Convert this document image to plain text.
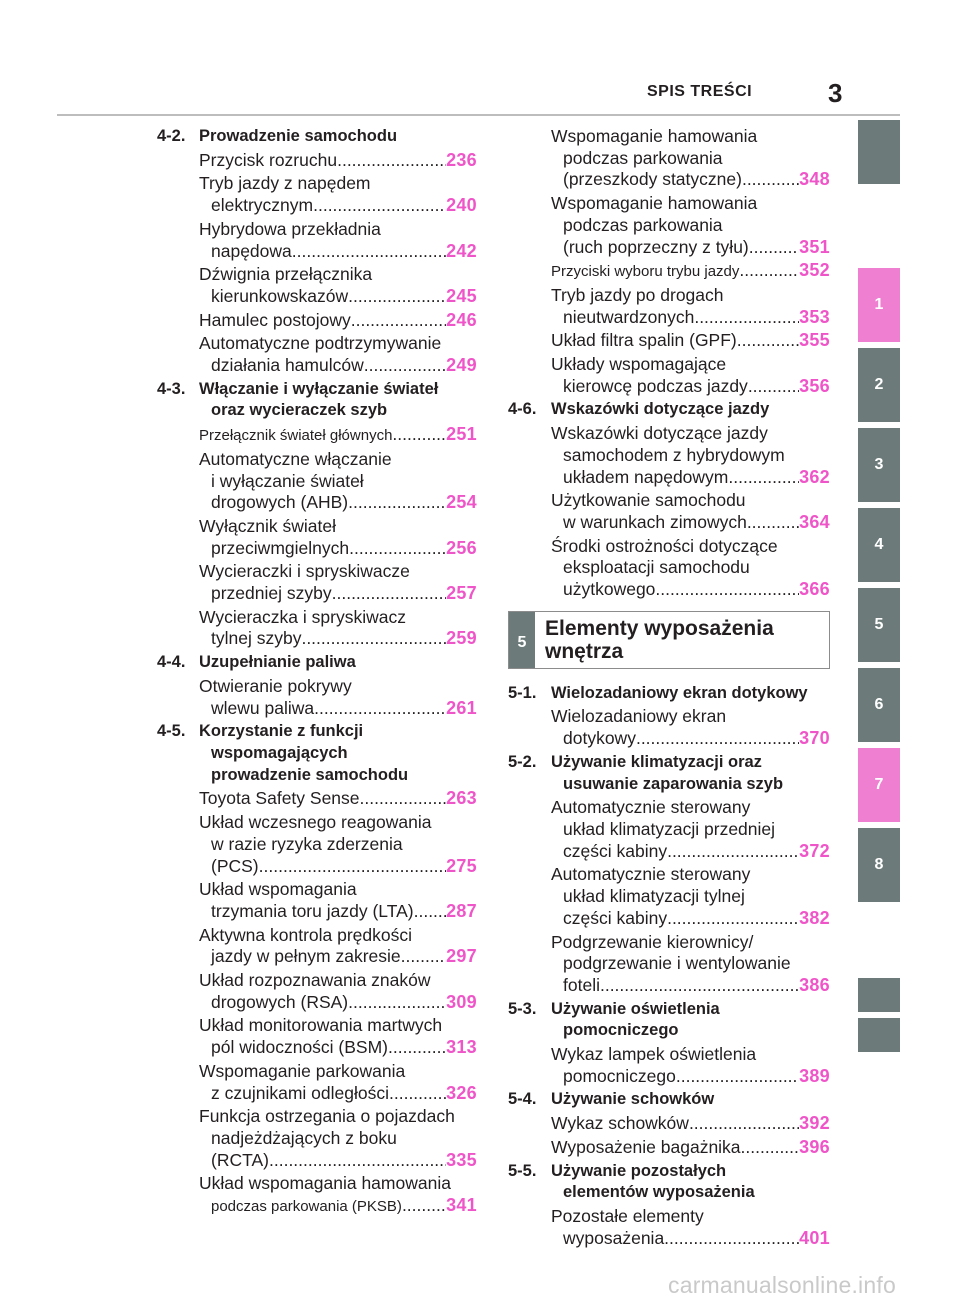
SPIS TREŚCI	3
1
2
3
4
5
6
7
8
4-2. Prowadzenie samochodu
Przycisk rozruchu .....	236
Tryb jazdy z napędem
elektrycznym .....	240
Hybrydowa przekładnia
napędowa .....	242
Dźwignia przełącznika
kierunkowskazów .....	245
Hamulec postojowy .....	246
Automatyczne podtrzymywanie
działania hamulców .....	249
4-3. Włączanie i wyłączanie świateł
oraz wycieraczek szyb
Przełącznik świateł głównych .....	251
Automatyczne włączanie
i wyłączanie świateł
drogowych (AHB) .....	254
Wyłącznik świateł
przeciwmgielnych .....	256
Wycieraczki i spryskiwacze
przedniej szyby .....	257
Wycieraczka i spryskiwacz
tylnej szyby .....	259
4-4. Uzupełnianie paliwa
Otwieranie pokrywy
wlewu paliwa .....	261
4-5. Korzystanie z funkcji
wspomagających
prowadzenie samochodu
Toyota Safety Sense .....	263
Układ wczesnego reagowania
w razie ryzyka zderzenia
(PCS) .....	275
Układ wspomagania
trzymania toru jazdy (LTA) ..... 287
Aktywna kontrola prędkości
jazdy w pełnym zakresie .....	297
Układ rozpoznawania znaków
drogowych (RSA) .....	309
Układ monitorowania martwych
pól widoczności (BSM) .....	313
Wspomaganie parkowania
z czujnikami odległości .....	326
Funkcja ostrzegania o pojazdach
nadjeżdżających z boku
(RCTA) .....	335
Układ wspomagania hamowania
podczas parkowania (PKSB) ..... 341
Wspomaganie hamowania
podczas parkowania
(przeszkody statyczne) .....	348
Wspomaganie hamowania
podczas parkowania
(ruch poprzeczny z tyłu) .....	351
Przyciski wyboru trybu jazdy .....	352
Tryb jazdy po drogach
nieutwardzonych .....	353
Układ filtra spalin (GPF) .....	355
Układy wspomagające
kierowcę podczas jazdy .....	356
4-6. Wskazówki dotyczące jazdy
Wskazówki dotyczące jazdy
samochodem z hybrydowym
układem napędowym .....	362
Użytkowanie samochodu
w warunkach zimowych .....	364
Środki ostrożności dotyczące
eksploatacji samochodu
użytkowego .....	366
5
Elementy wyposażenia
wnętrza
5-1. Wielozadaniowy ekran dotykowy
Wielozadaniowy ekran
dotykowy .....	370
5-2. Używanie klimatyzacji oraz
usuwanie zaparowania szyb
Automatycznie sterowany
układ klimatyzacji przedniej
części kabiny .....	372
Automatycznie sterowany
układ klimatyzacji tylnej
części kabiny .....	382
Podgrzewanie kierownicy/
podgrzewanie i wentylowanie
foteli .....	386
5-3. Używanie oświetlenia
pomocniczego
Wykaz lampek oświetlenia
pomocniczego .....	389
5-4. Używanie schowków
Wykaz schowków .....	392
Wyposażenie bagażnika .....	396
5-5. Używanie pozostałych
elementów wyposażenia
Pozostałe elementy
wyposażenia .....	401
carmanualsonline.info
